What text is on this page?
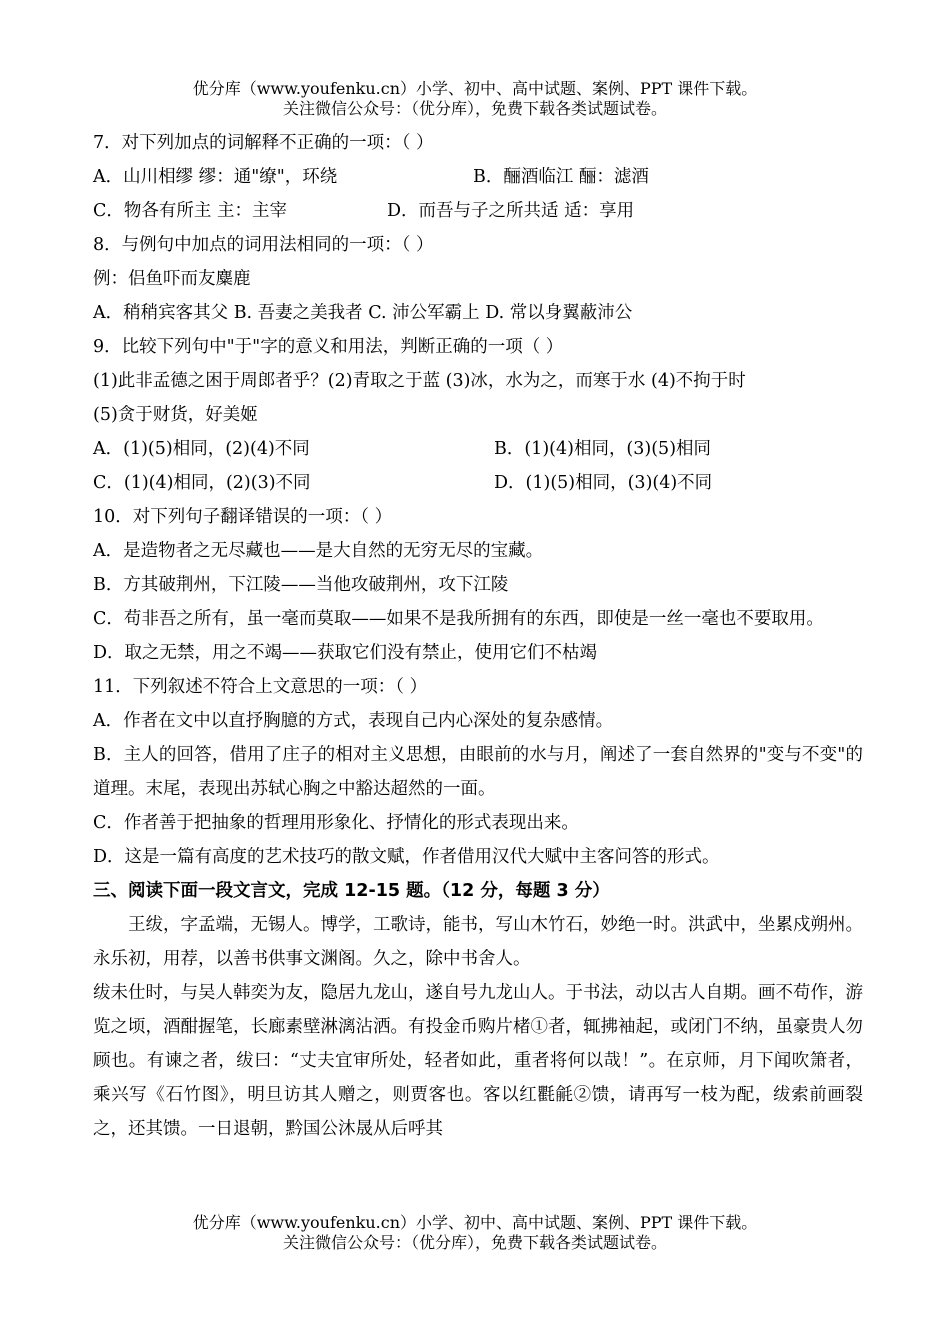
优分库（www.youfenku.cn）小学、初中、高中试题、案例、PPT 课件下载。
关注微信公众号：（优分库），免费下载各类试题试卷。
7．对下列加点的词解释不正确的一项：（ ）
A．山川相缪 缪：通"缭"，环绕	B．酾酒临江 酾：滤酒
C．物各有所主 主：主宰	D．而吾与子之所共适 适：享用
8．与例句中加点的词用法相同的一项：（ ）
例：侣鱼吓而友麋鹿
A．稍稍宾客其父 B. 吾妻之美我者 C. 沛公军霸上 D. 常以身翼蔽沛公
9．比较下列句中"于"字的意义和用法，判断正确的一项（ ）
(1)此非孟德之困于周郎者乎？(2)青取之于蓝 (3)冰，水为之，而寒于水 (4)不拘于时
(5)贪于财货，好美姬
A．(1)(5)相同，(2)(4)不同	B．(1)(4)相同，(3)(5)相同
C．(1)(4)相同，(2)(3)不同	D．(1)(5)相同，(3)(4)不同
10．对下列句子翻译错误的一项：（ ）
A．是造物者之无尽藏也——是大自然的无穷无尽的宝藏。
B．方其破荆州，下江陵——当他攻破荆州，攻下江陵
C．苟非吾之所有，虽一毫而莫取——如果不是我所拥有的东西，即使是一丝一毫也不要取用。
D．取之无禁，用之不竭——获取它们没有禁止，使用它们不枯竭
11．下列叙述不符合上文意思的一项：（ ）
A．作者在文中以直抒胸臆的方式，表现自己内心深处的复杂感情。
B．主人的回答，借用了庄子的相对主义思想，由眼前的水与月，阐述了一套自然界的"变与不变"的道理。末尾，表现出苏轼心胸之中豁达超然的一面。
C．作者善于把抽象的哲理用形象化、抒情化的形式表现出来。
D．这是一篇有高度的艺术技巧的散文赋，作者借用汉代大赋中主客问答的形式。
三、阅读下面一段文言文，完成 12-15 题。（12 分，每题 3 分）
王绂，字孟端，无锡人。博学，工歌诗，能书，写山木竹石，妙绝一时。洪武中，坐累戍朔州。永乐初，用荐，以善书供事文渊阁。久之，除中书舍人。
绂未仕时，与吴人韩奕为友，隐居九龙山，遂自号九龙山人。于书法，动以古人自期。画不苟作，游览之顷，酒酣握笔，长廊素壁淋漓沾洒。有投金币购片楮①者，辄拂袖起，或闭门不纳，虽豪贵人勿顾也。有谏之者，绂曰：“丈夫宜审所处，轻者如此，重者将何以哉！”。在京师，月下闻吹箫者，乘兴写《石竹图》，明旦访其人赠之，则贾客也。客以红氍毹②馈，请再写一枝为配，绂索前画裂之，还其馈。一日退朝，黔国公沐晟从后呼其
优分库（www.youfenku.cn）小学、初中、高中试题、案例、PPT 课件下载。
关注微信公众号：（优分库），免费下载各类试题试卷。
